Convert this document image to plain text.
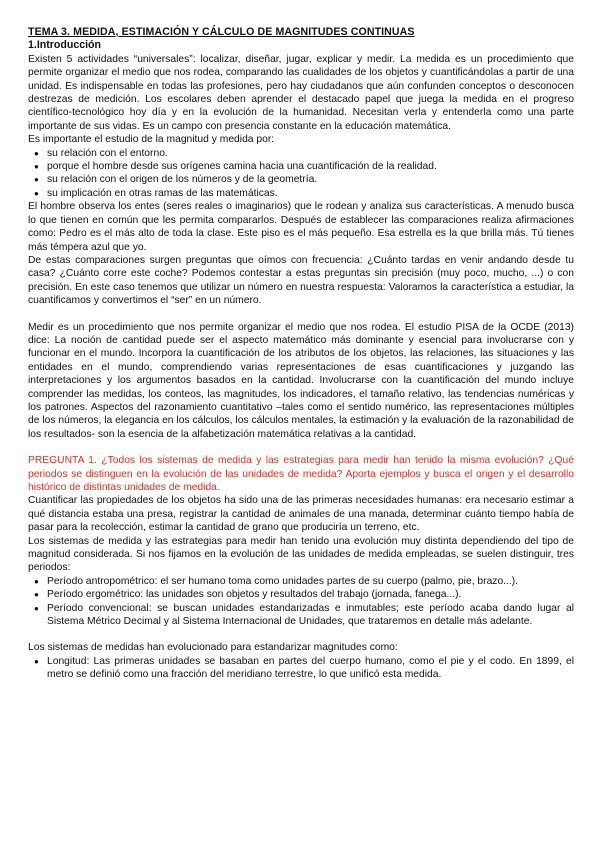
TEMA 3. MEDIDA, ESTIMACIÓN Y CÁLCULO DE MAGNITUDES CONTINUAS

1.Introducción

Existen 5 actividades “universales”: localizar, diseñar, jugar, explicar y medir. La medida es un procedimiento que permite organizar el medio que nos rodea, comparando las cualidades de los objetos y cuantificándolas a partir de una unidad. Es indispensable en todas las profesiones, pero hay ciudadanos que aún confunden conceptos o desconocen destrezas de medición. Los escolares deben aprender el destacado papel que juega la medida en el progreso científico-tecnológico hoy día y en la evolución de la humanidad. Necesitan verla y entenderla como una parte importante de sus vidas. Es un campo con presencia constante en la educación matemática.

Es importante el estudio de la magnitud y medida por:

● su relación con el entorno.
● porque el hombre desde sus orígenes camina hacia una cuantificación de la realidad.
● su relación con el origen de los números y de la geometría.
● su implicación en otras ramas de las matemáticas.

El hombre observa los entes (seres reales o imaginarios) que le rodean y analiza sus características. A menudo busca lo que tienen en común que les permita compararlos. Después de establecer las comparaciones realiza afirmaciones como: Pedro es el más alto de toda la clase. Este piso es el más pequeño. Esa estrella es la que brilla más. Tú tienes más témpera azul que yo.

De estas comparaciones surgen preguntas que oímos con frecuencia: ¿Cuánto tardas en venir andando desde tu casa? ¿Cuánto corre este coche? Podemos contestar a estas preguntas sin precisión (muy poco, mucho, ...) o con precisión. En este caso tenemos que utilizar un número en nuestra respuesta: Valoramos la característica a estudiar, la cuantificamos y convertimos el “ser” en un número.

Medir es un procedimiento que nos permite organizar el medio que nos rodea. El estudio PISA de la OCDE (2013) dice: La noción de cantidad puede ser el aspecto matemático más dominante y esencial para involucrarse con y funcionar en el mundo. Incorpora la cuantificación de los atributos de los objetos, las relaciones, las situaciones y las entidades en el mundo, comprendiendo varias representaciones de esas cuantificaciones y juzgando las interpretaciones y los argumentos basados en la cantidad. Involucrarse con la cuantificación del mundo incluye comprender las medidas, los conteos, las magnitudes, los indicadores, el tamaño relativo, las tendencias numéricas y los patrones. Aspectos del razonamiento cuantitativo –tales como el sentido numérico, las representaciones múltiples de los números, la elegancia en los cálculos, los cálculos mentales, la estimación y la evaluación de la razonabilidad de los resultados- son la esencia de la alfabetización matemática relativas a la cantidad.

PREGUNTA 1. ¿Todos los sistemas de medida y las estrategias para medir han tenido la misma evolución? ¿Qué periodos se distinguen en la evolución de las unidades de medida? Aporta ejemplos y busca el origen y el desarrollo histórico de distintas unidades de medida.

Cuantificar las propiedades de los objetos ha sido una de las primeras necesidades humanas: era necesario estimar a qué distancia estaba una presa, registrar la cantidad de animales de una manada, determinar cuánto tiempo había de pasar para la recolección, estimar la cantidad de grano que produciría un terreno, etc.

Los sistemas de medida y las estrategias para medir han tenido una evolución muy distinta dependiendo del tipo de magnitud considerada. Si nos fijamos en la evolución de las unidades de medida empleadas, se suelen distinguir, tres periodos:

● Período antropométrico: el ser humano toma como unidades partes de su cuerpo (palmo, pie, brazo...).
● Período ergométrico: las unidades son objetos y resultados del trabajo (jornada, fanega...).
● Período convencional: se buscan unidades estandarizadas e inmutables; este período acaba dando lugar al Sistema Métrico Decimal y al Sistema Internacional de Unidades, que trataremos en detalle más adelante.

Los sistemas de medidas han evolucionado para estandarizar magnitudes como:

● Longitud: Las primeras unidades se basaban en partes del cuerpo humano, como el pie y el codo. En 1899, el metro se definió como una fracción del meridiano terrestre, lo que unificó esta medida.
